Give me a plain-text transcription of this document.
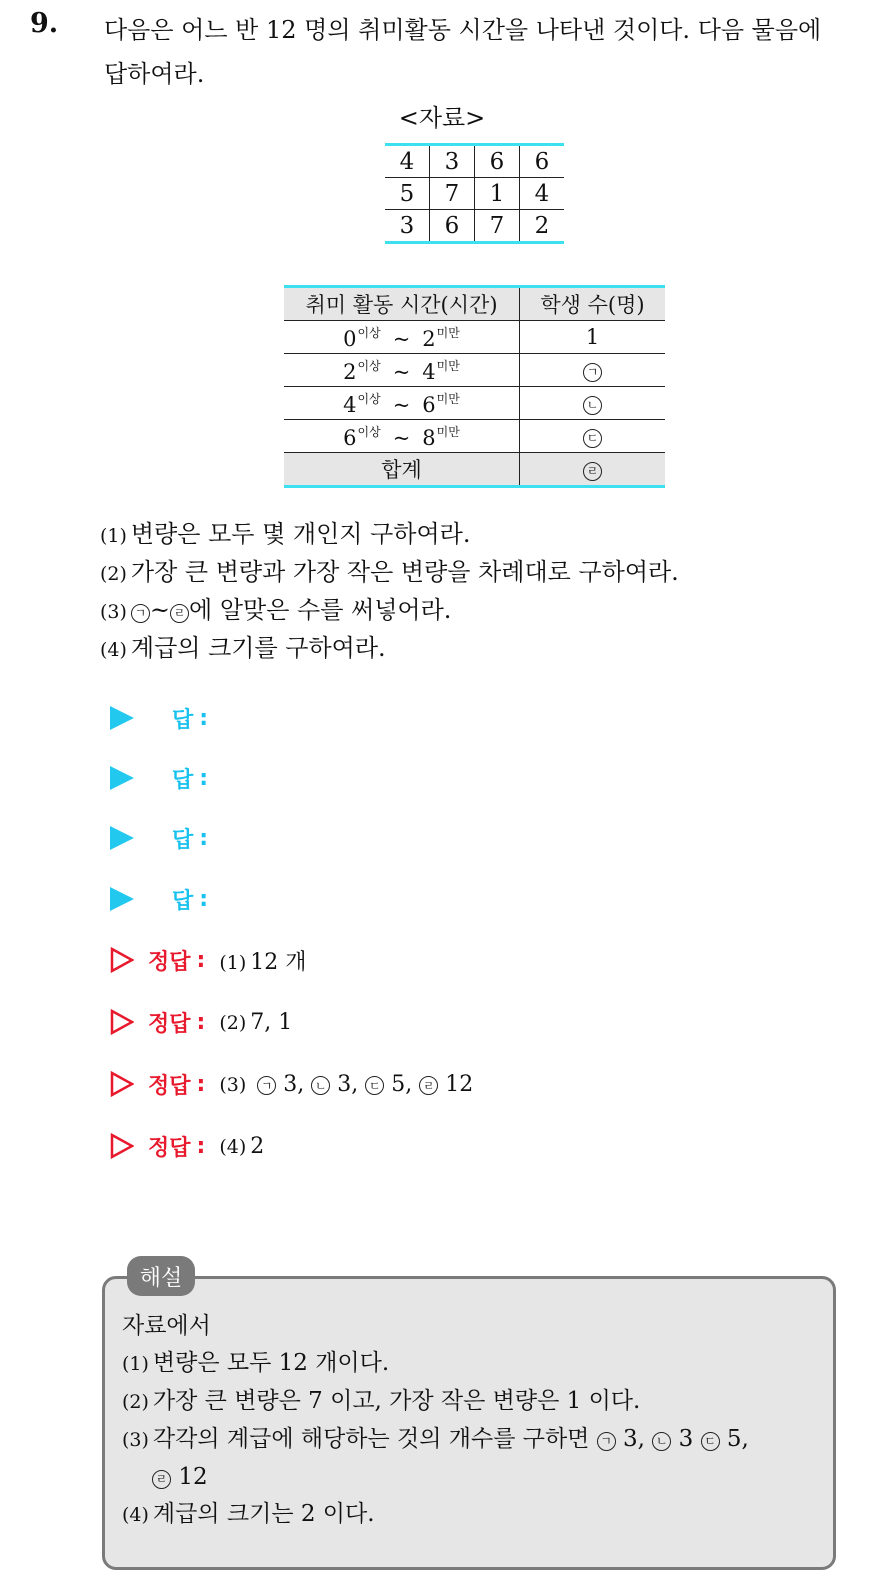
9. 다음은 어느 반 12 명의 취미활동 시간을 나타낸 것이다. 다음 물음에
답하여라.
<자료>
4	3	6	6
5	7	1	4
3	6	7	2
취미 활동 시간(시간)	학생 수(명)
$0^{이상}$ ~ $2^{미만}$	1
$2^{이상}$ ~ $4^{미만}$	ㄱ
$4^{이상}$ ~ $6^{미만}$	ㄴ
$6^{이상}$ ~ $8^{미만}$	ㄷ
합계	ㄹ
(1) 변량은 모두 몇 개인지 구하여라.
(2) 가장 큰 변량과 가장 작은 변량을 차례대로 구하여라.
(3) ㄱ ~ ㄹ 에 알맞은 수를 써넣어라.
(4) 계급의 크기를 구하여라.
답 :
답 :
답 :
답 :
정답 : (1) 12 개
정답 : (2) 7, 1
정답 : (3) ㄱ 3, ㄴ 3, ㄷ 5, ㄹ 12
정답 : (4) 2
해설
자료에서
(1) 변량은 모두 12 개이다.
(2) 가장 큰 변량은 7 이고, 가장 작은 변량은 1 이다.
(3) 각각의 계급에 해당하는 것의 개수를 구하면 ㄱ 3, ㄴ 3 ㄷ 5,
ㄹ 12
(4) 계급의 크기는 2 이다.
